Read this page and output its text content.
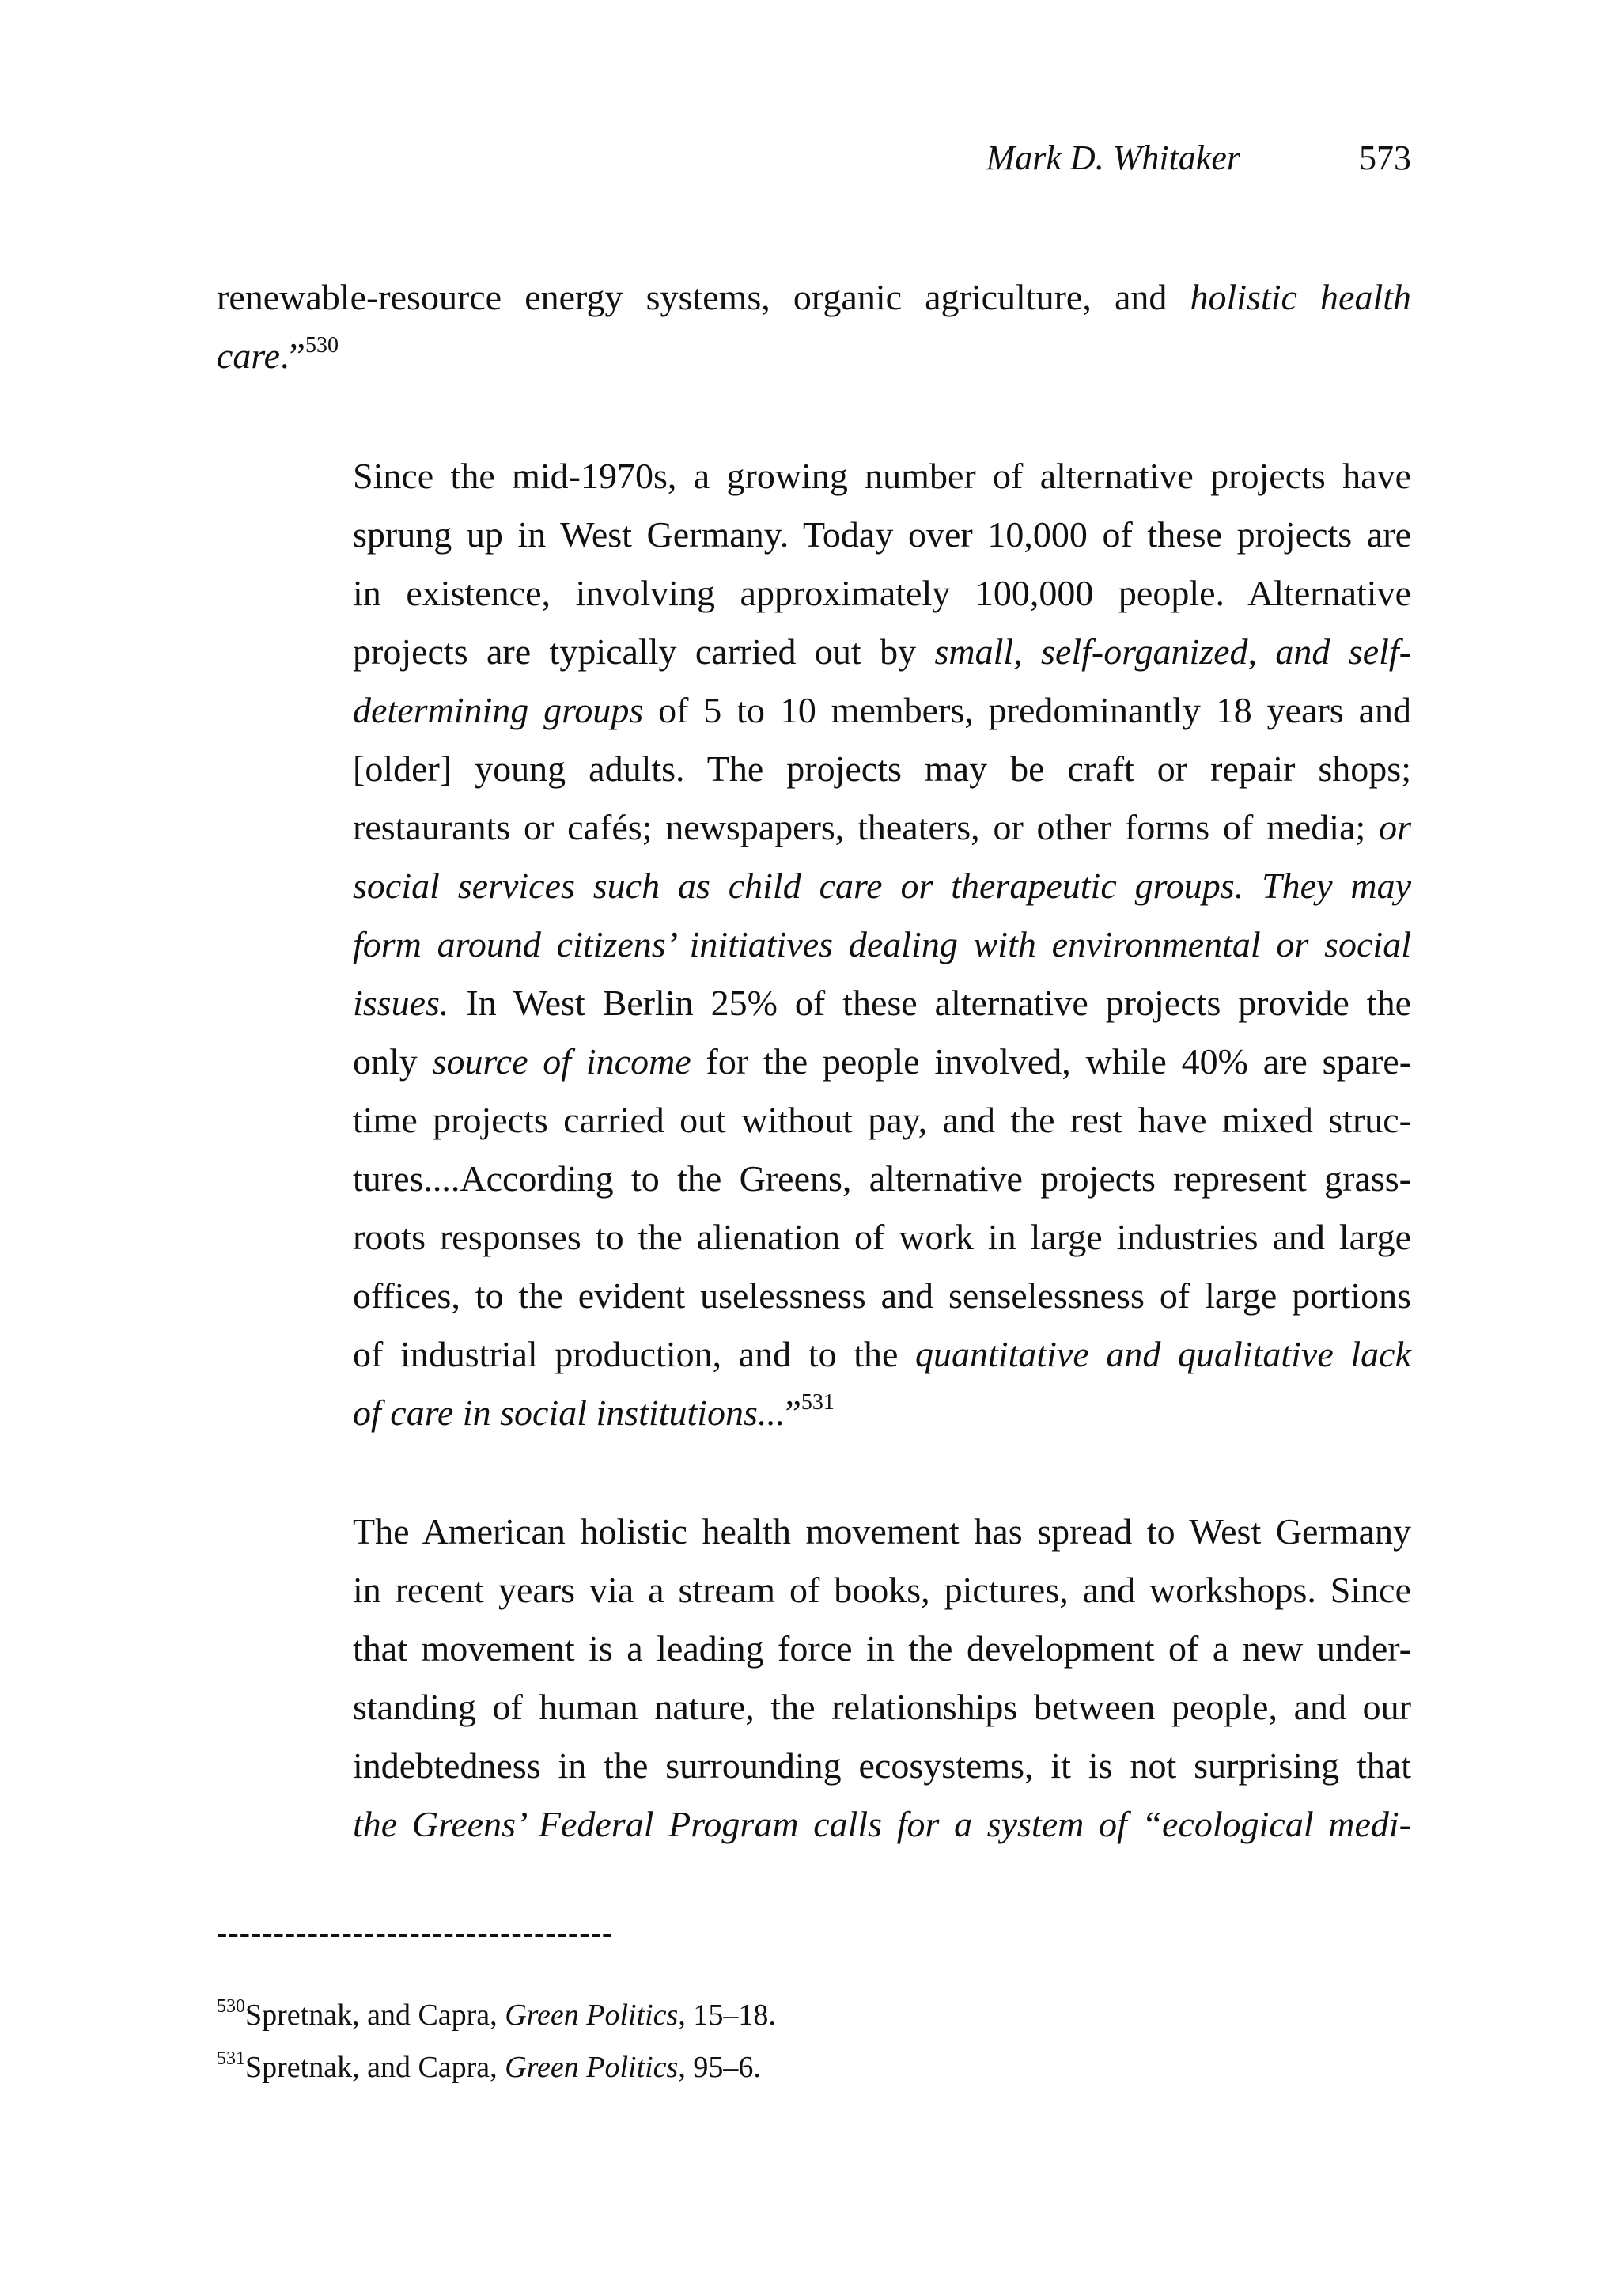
Mark D. Whitaker	573
renewable-resource energy systems, organic agriculture, and holistic health
care.”$^{530}$
Since the mid-1970s, a growing number of alternative projects have
sprung up in West Germany. Today over 10,000 of these projects are
in existence, involving approximately 100,000 people. Alternative
projects are typically carried out by small, self-organized, and self-
determining groups of 5 to 10 members, predominantly 18 years and
[older] young adults. The projects may be craft or repair shops;
restaurants or cafés; newspapers, theaters, or other forms of media; or
social services such as child care or therapeutic groups. They may
form around citizens’ initiatives dealing with environmental or social
issues. In West Berlin 25% of these alternative projects provide the
only source of income for the people involved, while 40% are spare-
time projects carried out without pay, and the rest have mixed struc-
tures....According to the Greens, alternative projects represent grass-
roots responses to the alienation of work in large industries and large
offices, to the evident uselessness and senselessness of large portions
of industrial production, and to the quantitative and qualitative lack
of care in social institutions...”$^{531}$
The American holistic health movement has spread to West Germany
in recent years via a stream of books, pictures, and workshops. Since
that movement is a leading force in the development of a new under-
standing of human nature, the relationships between people, and our
indebtedness in the surrounding ecosystems, it is not surprising that
the Greens’ Federal Program calls for a system of “ecological medi-
-----------------------------------
$^{530}$Spretnak, and Capra, Green Politics, 15–18.
$^{531}$Spretnak, and Capra, Green Politics, 95–6.
